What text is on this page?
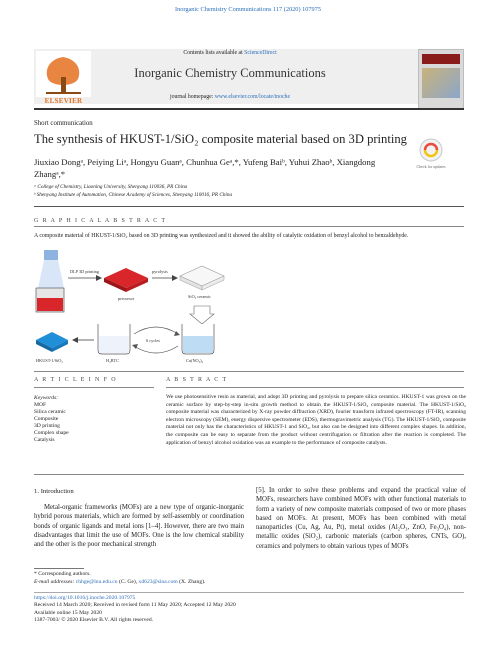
Inorganic Chemistry Communications 117 (2020) 107975
ELSEVIER
Contents lists available at ScienceDirect
Inorganic Chemistry Communications
journal homepage: www.elsevier.com/locate/inoche
Short communication
The synthesis of HKUST-1/SiO₂ composite material based on 3D printing
Check for updates
Jiuxiao Dongᵃ, Peiying Liᵃ, Hongyu Guanᵃ, Chunhua Geᵃ,*, Yufeng Baiᵇ, Yuhui Zhaoᵇ, Xiangdong Zhangᵃ,*
ᵃ College of Chemistry, Liaoning University, Shenyang 110036, PR China
ᵇ Shenyang Institute of Automation, Chinese Academy of Sciences, Shenyang 110016, PR China
G R A P H I C A L A B S T R A C T
A composite material of HKUST-1/SiO₂ based on 3D printing was synthesized and it showed the ability of catalytic oxidation of benzyl alcohol to benzaldehyde.
DLP 3D printing
precursor
pyrolysis
SiO₂ ceramic
H₃BTC	Cu(NO₃)₂
6 cycles
HKUST-1/SiO₂
A R T I C L E I N F O	A B S T R A C T
Keywords:
MOF
Silica ceramic
Composite
3D printing
Complex shape
Catalysis
We use photosensitive resin as material, and adopt 3D printing and pyrolysis to prepare silica ceramics. HKUST-1 was grown on the ceramic surface by step-by-step in-situ growth method to obtain the HKUST-1/SiO₂ composite material. The HKUST-1/SiO₂ composite material was characterized by X-ray powder diffraction (XRD), fourier transform infrared spectroscopy (FT-IR), scanning electron microscopy (SEM), energy dispersive spectrometer (EDS), thermogravimetric analysis (TG). The HKUST-1/SiO₂ composite material not only has the characteristics of HKUST-1 and SiO₂, but also can be designed into different complex shapes. In addition, the composite can be easy to separate from the product without centrifugation or filtration after the reaction is completed. The application of benzyl alcohol oxidation was an example to the performance of composite catalysts.
1. Introduction
Metal-organic frameworks (MOFs) are a new type of organic-inorganic hybrid porous materials, which are formed by self-assembly or coordination bonds of organic ligands and metal ions [1–4]. However, there are two main disadvantages that limit the use of MOFs. One is the low chemical stability and the other is the poor mechanical strength
[5]. In order to solve these problems and expand the practical value of MOFs, researchers have combined MOFs with other functional materials to form a variety of new composite materials composed of two or more phases based on MOFs. At present, MOFs has been combined with metal nanoparticles (Cu, Ag, Au, Pt), metal oxides (Al₂O₃, ZnO, Fe₃O₄), non-metallic oxides (SiO₂), carbonic materials (carbon spheres, CNTs, GO), ceramics and polymers to obtain various types of MOFs
* Corresponding authors.
E-mail addresses: chhge@lnu.edu.cn (C. Ge), xd623@sina.com (X. Zhang).
https://doi.org/10.1016/j.inoche.2020.107975
Received 14 March 2020; Received in revised form 11 May 2020; Accepted 12 May 2020
Available online 15 May 2020
1387-7003/ © 2020 Elsevier B.V. All rights reserved.
